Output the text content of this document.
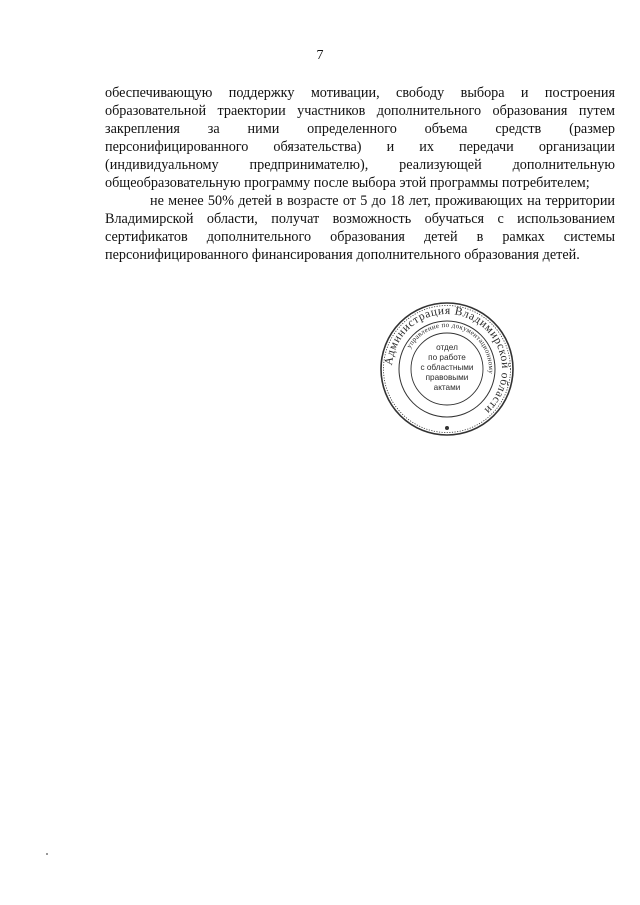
7

обеспечивающую поддержку мотивации, свободу выбора и построения образовательной траектории участников дополнительного образования путем закрепления за ними определенного объема средств (размер персонифицированного обязательства) и их передачи организации (индивидуальному предпринимателю), реализующей дополнительную общеобразовательную программу после выбора этой программы потребителем;

не менее 50% детей в возрасте от 5 до 18 лет, проживающих на территории Владимирской области, получат возможность обучаться с использованием сертификатов дополнительного образования детей в рамках системы персонифицированного финансирования дополнительного образования детей.

Администрация Владимирской области
управление по документационному
отдел
по работе
с областными
правовыми
актами
